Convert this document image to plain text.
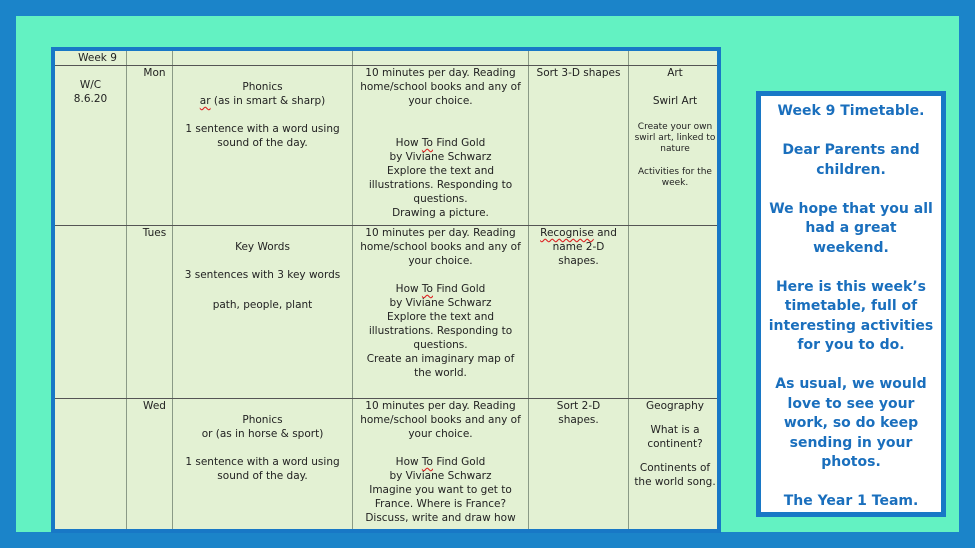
Week 9
W/C
8.6.20
Mon
Phonics
ar (as in smart & sharp)
1 sentence with a word using sound of the day.
10 minutes per day. Reading home/school books and any of your choice.
How To Find Gold
by Viviane Schwarz
Explore the text and illustrations. Responding to questions.
Drawing a picture.
Sort 3-D shapes	Art
Swirl Art
Create your own swirl art, linked to nature
Activities for the week.
Tues
Key Words
3 sentences with 3 key words
path, people, plant
10 minutes per day. Reading home/school books and any of your choice.
How To Find Gold
by Viviane Schwarz
Explore the text and illustrations. Responding to questions.
Create an imaginary map of the world.
Recognise and name 2-D shapes.
Wed
Phonics
or (as in horse & sport)
1 sentence with a word using sound of the day.
10 minutes per day. Reading home/school books and any of your choice.
How To Find Gold
by Viviane Schwarz
Imagine you want to get to France. Where is France?
Discuss, write and draw how
Sort 2-D shapes.
Geography
What is a continent?
Continents of the world song.

Week 9 Timetable.

Dear Parents and children.

We hope that you all had a great weekend.

Here is this week’s timetable, full of interesting activities for you to do.

As usual, we would love to see your work, so do keep sending in your photos.

The Year 1 Team.
